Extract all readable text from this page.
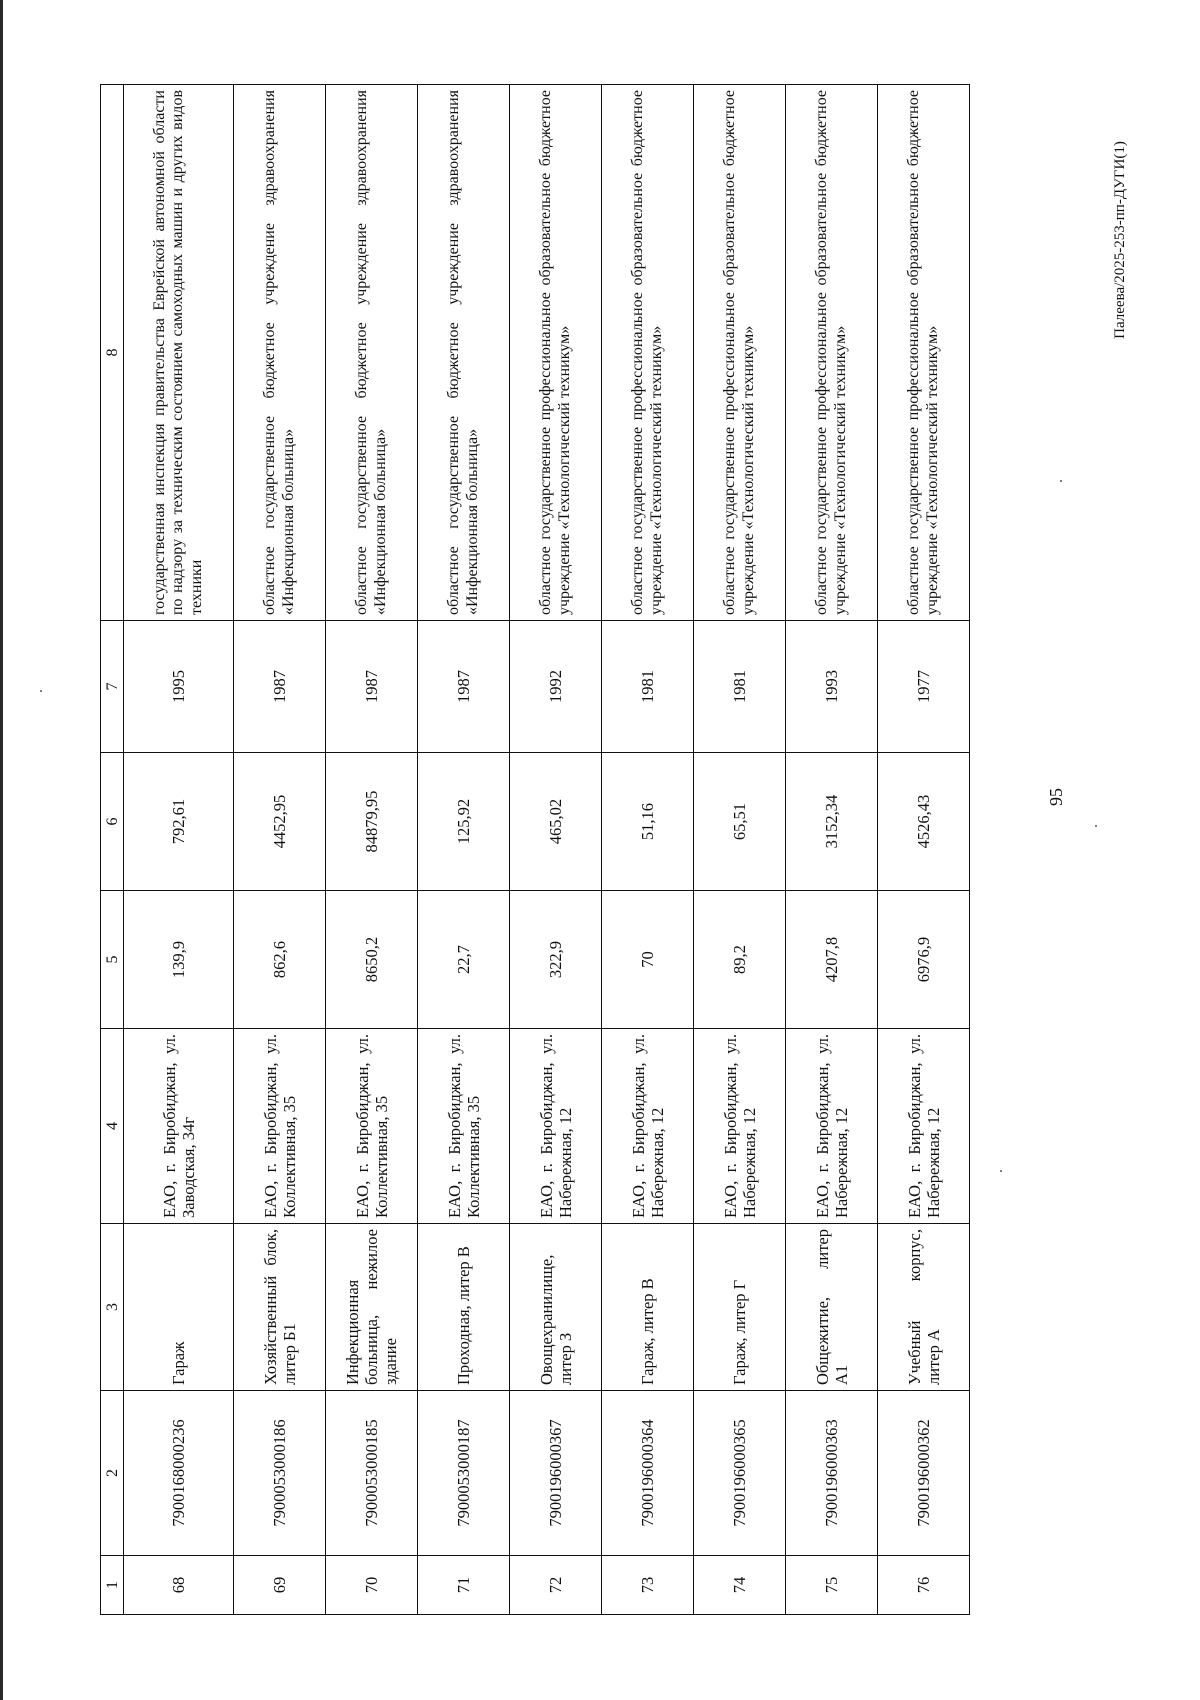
95
Палеева/2025-253-пп-ДУГИ(1)
1	2	3	4	5	6	7	8
68	7900168000236	Гараж	ЕАО, г. Биробиджан, ул. Заводская, 34г	139,9	792,61	1995	государственная инспекция правительства Еврейской автономной области по надзору за техническим состоянием самоходных машин и других видов техники
69	7900053000186	Хозяйственный блок, литер Б1	ЕАО, г. Биробиджан, ул. Коллективная, 35	862,6	4452,95	1987	областное государственное бюджетное учреждение здравоохранения «Инфекционная больница»
70	7900053000185	Инфекционная больница, нежилое здание	ЕАО, г. Биробиджан, ул. Коллективная, 35	8650,2	84879,95	1987	областное государственное бюджетное учреждение здравоохранения «Инфекционная больница»
71	7900053000187	Проходная, литер В	ЕАО, г. Биробиджан, ул. Коллективная, 35	22,7	125,92	1987	областное государственное бюджетное учреждение здравоохранения «Инфекционная больница»
72	7900196000367	Овощехранилище, литер З	ЕАО, г. Биробиджан, ул. Набережная, 12	322,9	465,02	1992	областное государственное профессиональное образовательное бюджетное учреждение «Технологический техникум»
73	7900196000364	Гараж, литер В	ЕАО, г. Биробиджан, ул. Набережная, 12	70	51,16	1981	областное государственное профессиональное образовательное бюджетное учреждение «Технологический техникум»
74	7900196000365	Гараж, литер Г	ЕАО, г. Биробиджан, ул. Набережная, 12	89,2	65,51	1981	областное государственное профессиональное образовательное бюджетное учреждение «Технологический техникум»
75	7900196000363	Общежитие, литер А1	ЕАО, г. Биробиджан, ул. Набережная, 12	4207,8	3152,34	1993	областное государственное профессиональное образовательное бюджетное учреждение «Технологический техникум»
76	7900196000362	Учебный корпус, литер А	ЕАО, г. Биробиджан, ул. Набережная, 12	6976,9	4526,43	1977	областное государственное профессиональное образовательное бюджетное учреждение «Технологический техникум»
